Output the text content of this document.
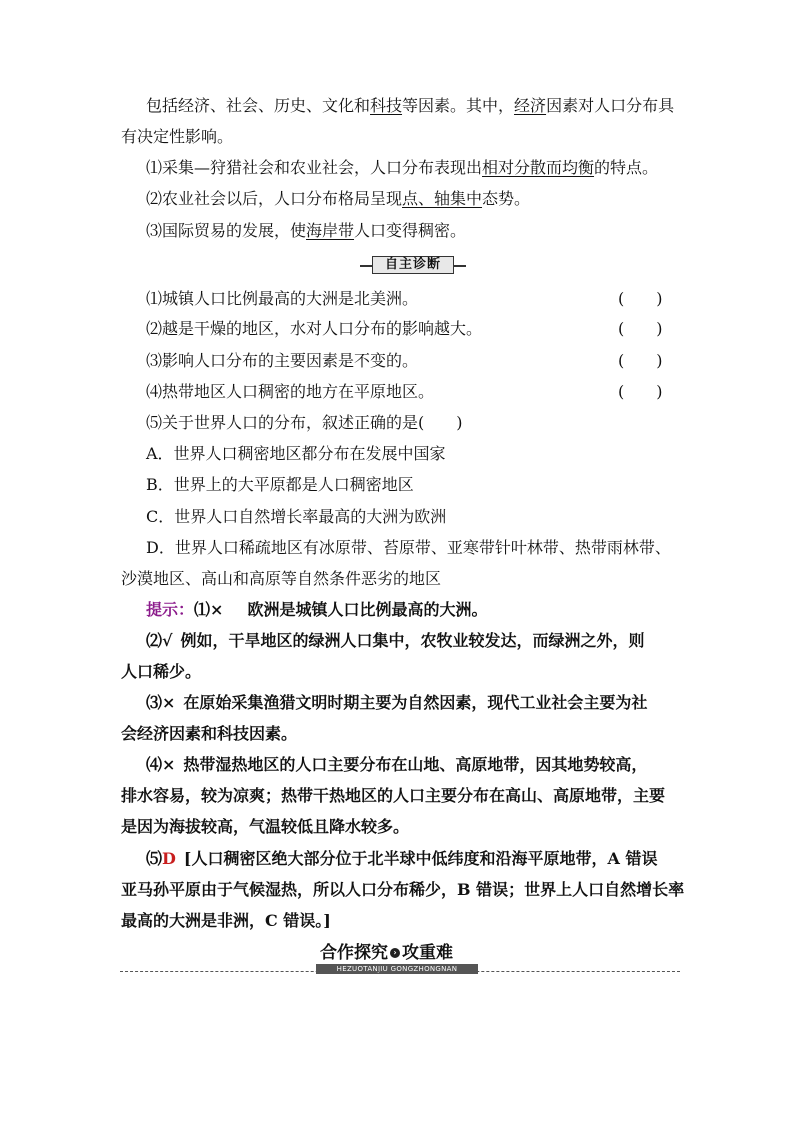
包括经济、社会、历史、文化和科技等因素。其中，经济因素对人口分布具
有决定性影响。
⑴采集—狩猎社会和农业社会，人口分布表现出相对分散而均衡的特点。
⑵农业社会以后，人口分布格局呈现点、轴集中态势。
⑶国际贸易的发展，使海岸带人口变得稠密。
自主诊断
⑴城镇人口比例最高的大洲是北美洲。	(　　)
⑵越是干燥的地区，水对人口分布的影响越大。	(　　)
⑶影响人口分布的主要因素是不变的。	(　　)
⑷热带地区人口稠密的地方在平原地区。	(　　)
⑸关于世界人口的分布，叙述正确的是(　　)
A．世界人口稠密地区都分布在发展中国家
B．世界上的大平原都是人口稠密地区
C．世界人口自然增长率最高的大洲为欧洲
D．世界人口稀疏地区有冰原带、苔原带、亚寒带针叶林带、热带雨林带、
沙漠地区、高山和高原等自然条件恶劣的地区
提示：⑴× 欧洲是城镇人口比例最高的大洲。
⑵√ 例如，干旱地区的绿洲人口集中，农牧业较发达，而绿洲之外，则
人口稀少。
⑶× 在原始采集渔猎文明时期主要为自然因素，现代工业社会主要为社
会经济因素和科技因素。
⑷× 热带湿热地区的人口主要分布在山地、高原地带，因其地势较高，
排水容易，较为凉爽；热带干热地区的人口主要分布在高山、高原地带，主要
是因为海拔较高，气温较低且降水较多。
⑸D [人口稠密区绝大部分位于北半球中低纬度和沿海平原地带，A 错误
亚马孙平原由于气候湿热，所以人口分布稀少，B 错误；世界上人口自然增长率
最高的大洲是非洲，C 错误。]
合作探究 › 攻重难
HEZUOTANJIU GONGZHONGNAN
